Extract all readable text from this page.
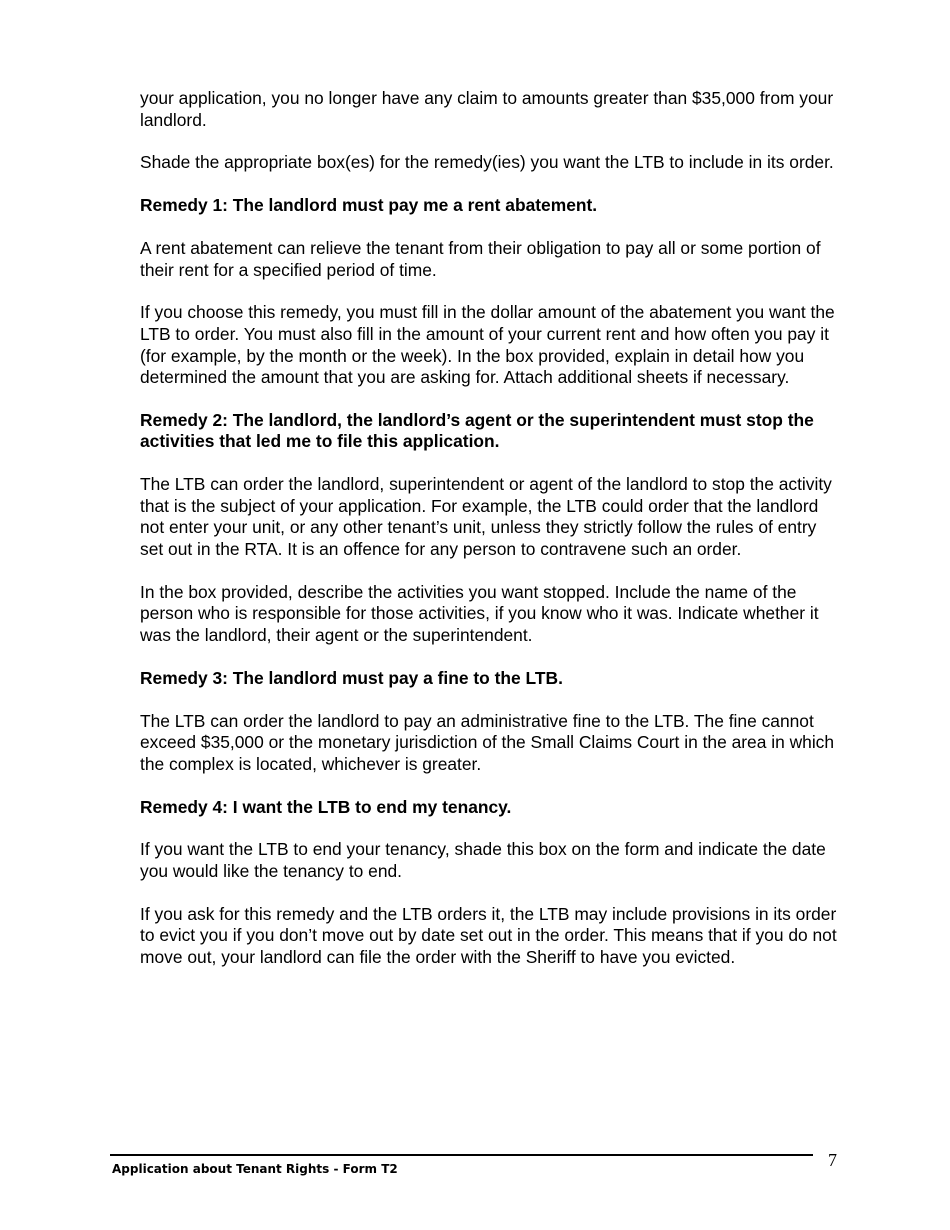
your application, you no longer have any claim to amounts greater than $35,000 from your landlord.

Shade the appropriate box(es) for the remedy(ies) you want the LTB to include in its order.

Remedy 1: The landlord must pay me a rent abatement.

A rent abatement can relieve the tenant from their obligation to pay all or some portion of their rent for a specified period of time.

If you choose this remedy, you must fill in the dollar amount of the abatement you want the LTB to order. You must also fill in the amount of your current rent and how often you pay it (for example, by the month or the week). In the box provided, explain in detail how you determined the amount that you are asking for. Attach additional sheets if necessary.

Remedy 2: The landlord, the landlord’s agent or the superintendent must stop the activities that led me to file this application.

The LTB can order the landlord, superintendent or agent of the landlord to stop the activity that is the subject of your application. For example, the LTB could order that the landlord not enter your unit, or any other tenant’s unit, unless they strictly follow the rules of entry set out in the RTA. It is an offence for any person to contravene such an order.

In the box provided, describe the activities you want stopped. Include the name of the person who is responsible for those activities, if you know who it was. Indicate whether it was the landlord, their agent or the superintendent.

Remedy 3: The landlord must pay a fine to the LTB.

The LTB can order the landlord to pay an administrative fine to the LTB. The fine cannot exceed $35,000 or the monetary jurisdiction of the Small Claims Court in the area in which the complex is located, whichever is greater.

Remedy 4: I want the LTB to end my tenancy.

If you want the LTB to end your tenancy, shade this box on the form and indicate the date you would like the tenancy to end.

If you ask for this remedy and the LTB orders it, the LTB may include provisions in its order to evict you if you don’t move out by date set out in the order. This means that if you do not move out, your landlord can file the order with the Sheriff to have you evicted.

Application about Tenant Rights - Form T2	7
